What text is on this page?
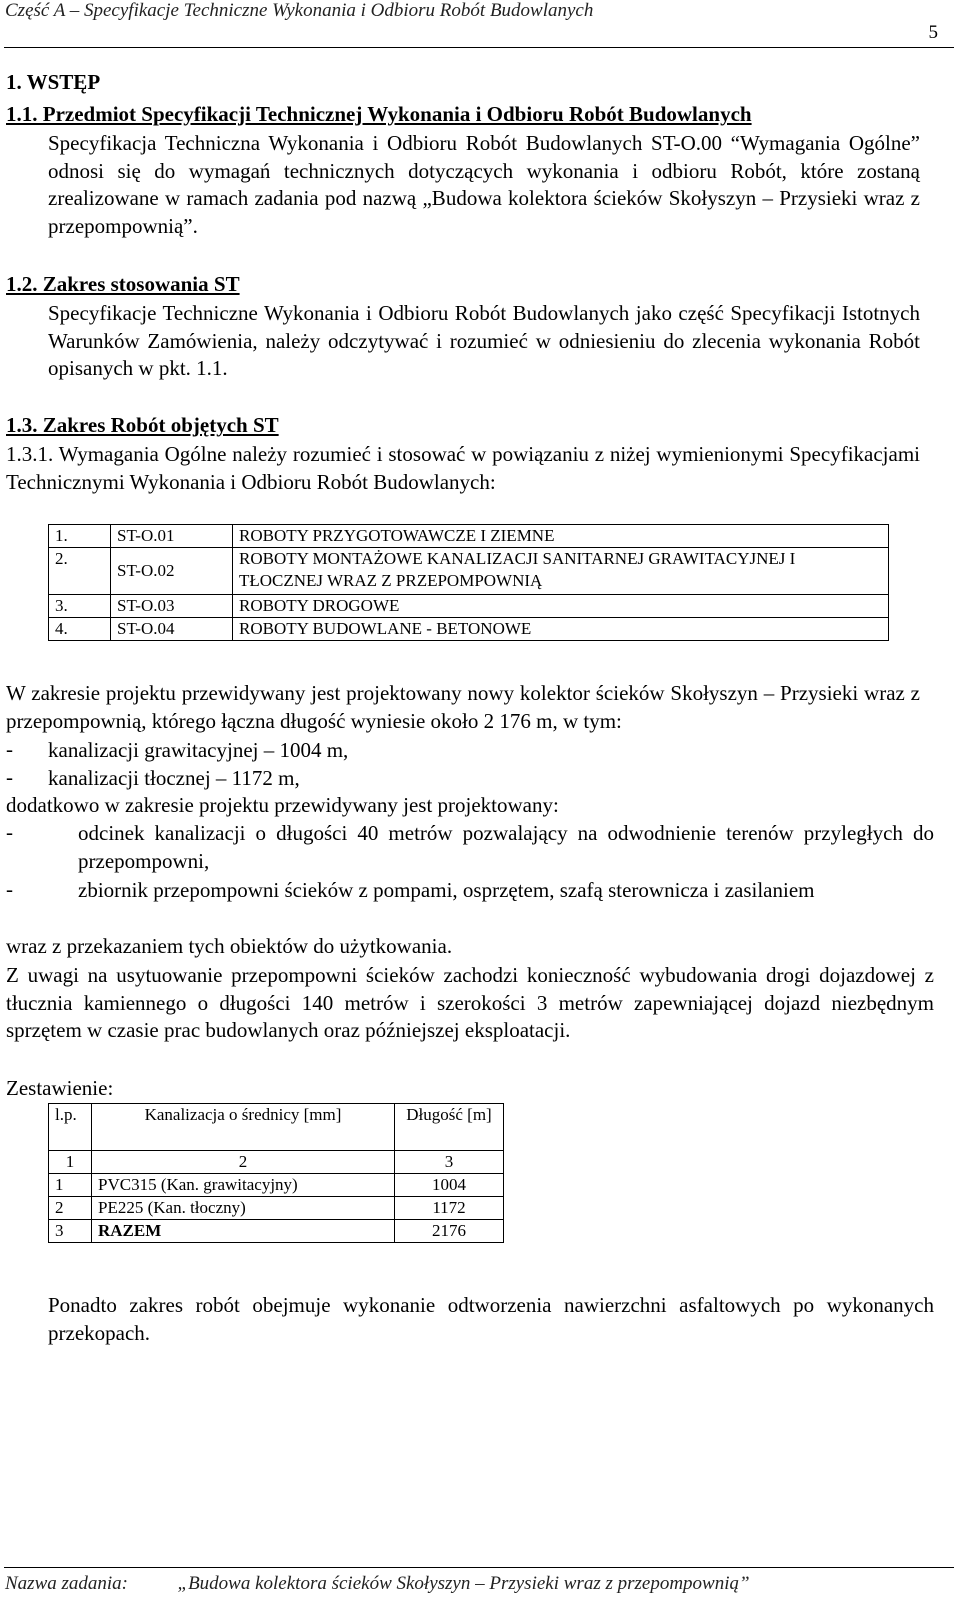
Część A – Specyfikacje Techniczne Wykonania i Odbioru Robót Budowlanych
5
1. WSTĘP
1.1. Przedmiot Specyfikacji Technicznej Wykonania i Odbioru Robót Budowlanych
Specyfikacja Techniczna Wykonania i Odbioru Robót Budowlanych ST-O.00 “Wymagania Ogólne” odnosi się do wymagań technicznych dotyczących wykonania i odbioru Robót, które zostaną zrealizowane w ramach zadania pod nazwą „Budowa kolektora ścieków Skołyszyn – Przysieki wraz z przepompownią”.
1.2. Zakres stosowania ST
Specyfikacje Techniczne Wykonania i Odbioru Robót Budowlanych jako część Specyfikacji Istotnych Warunków Zamówienia, należy odczytywać i rozumieć w odniesieniu do zlecenia wykonania Robót opisanych w pkt. 1.1.
1.3. Zakres Robót objętych ST
1.3.1. Wymagania Ogólne należy rozumieć i stosować w powiązaniu z niżej wymienionymi Specyfikacjami Technicznymi Wykonania i Odbioru Robót Budowlanych:
1.	ST-O.01	ROBOTY PRZYGOTOWAWCZE I ZIEMNE
2.	ST-O.02	ROBOTY MONTAŻOWE KANALIZACJI SANITARNEJ GRAWITACYJNEJ I TŁOCZNEJ WRAZ Z PRZEPOMPOWNIĄ
3.	ST-O.03	ROBOTY DROGOWE
4.	ST-O.04	ROBOTY BUDOWLANE - BETONOWE
W zakresie projektu przewidywany jest projektowany nowy kolektor ścieków Skołyszyn – Przysieki wraz z przepompownią, którego łączna długość wyniesie około 2 176 m, w tym:
- kanalizacji grawitacyjnej – 1004 m,
- kanalizacji tłocznej – 1172 m,
dodatkowo w zakresie projektu przewidywany jest projektowany:
-	odcinek kanalizacji o długości 40 metrów pozwalający na odwodnienie terenów przyległych do przepompowni,
-	zbiornik przepompowni ścieków z pompami, osprzętem, szafą sterownicza i zasilaniem
wraz z przekazaniem tych obiektów do użytkowania.
Z uwagi na usytuowanie przepompowni ścieków zachodzi konieczność wybudowania drogi dojazdowej z tłucznia kamiennego o długości 140 metrów i szerokości 3 metrów zapewniającej dojazd niezbędnym sprzętem w czasie prac budowlanych oraz późniejszej eksploatacji.
Zestawienie:
l.p.	Kanalizacja o średnicy [mm]	Długość [m]
1	2	3
1	PVC315 (Kan. grawitacyjny)	1004
2	PE225 (Kan. tłoczny)	1172
3	RAZEM	2176
Ponadto zakres robót obejmuje wykonanie odtworzenia nawierzchni asfaltowych po wykonanych przekopach.
Nazwa zadania:	„Budowa kolektora ścieków Skołyszyn – Przysieki wraz z przepompownią”
